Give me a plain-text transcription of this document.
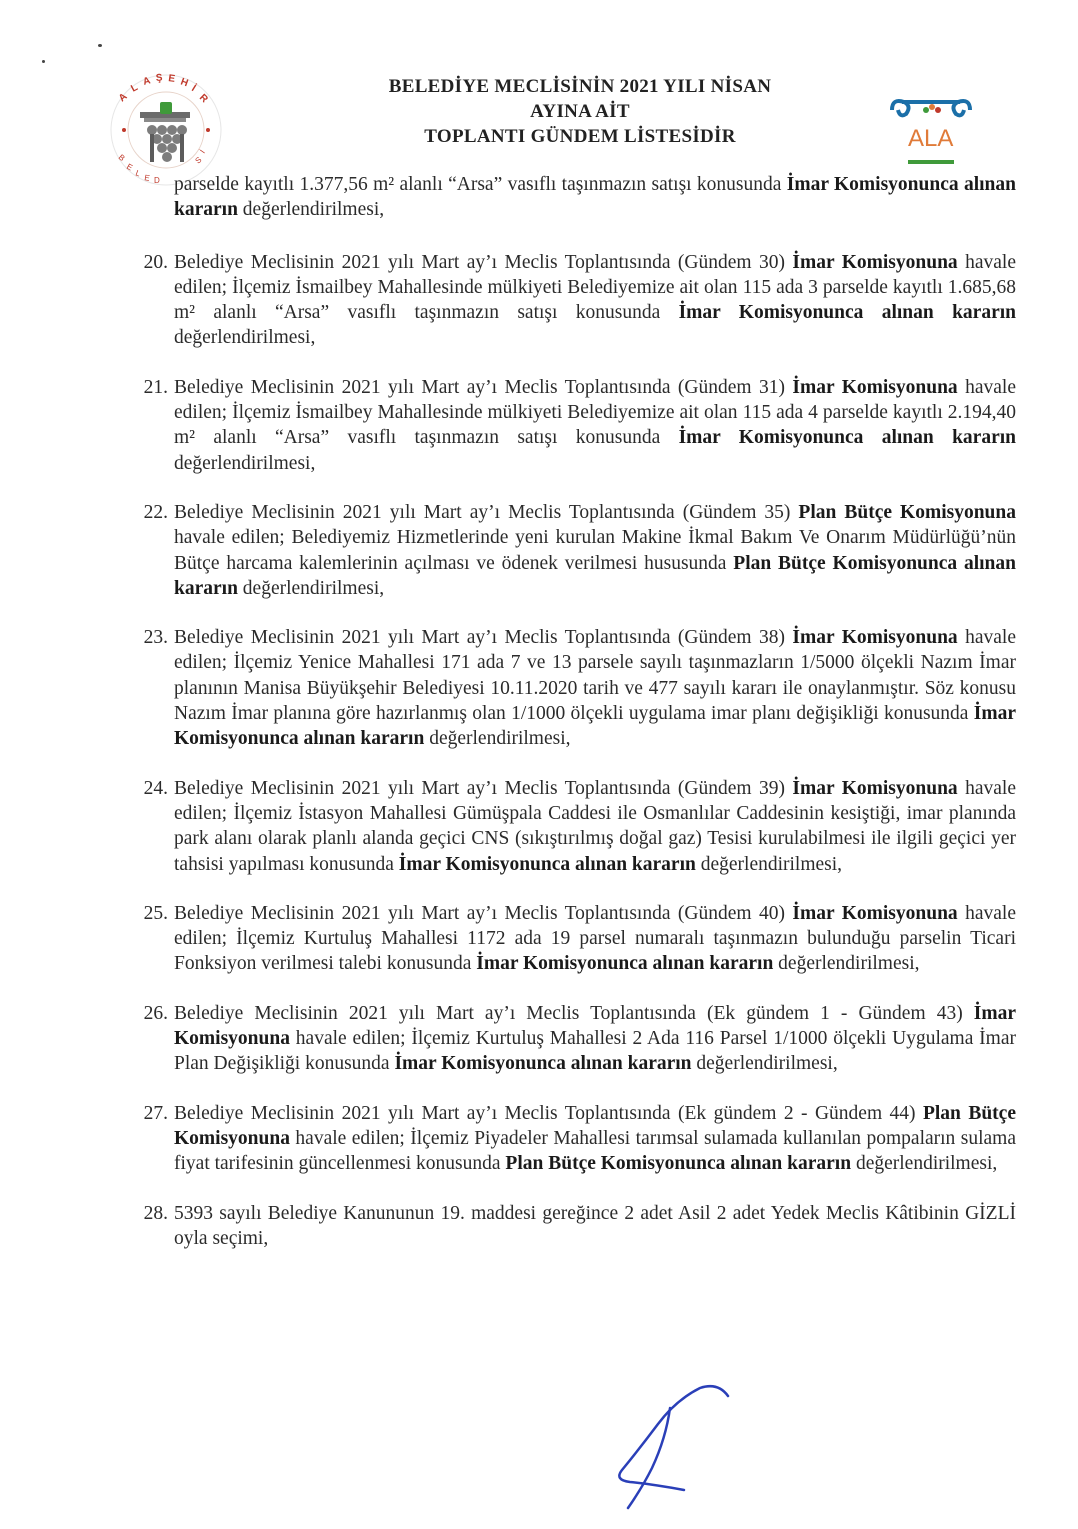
A
L
A Ş E H İ
R
B
E
L E D
S
İ	ALA
BELEDİYE MECLİSİNİN 2021 YILI NİSAN
AYINA AİT
TOPLANTI GÜNDEM LİSTESİDİR

parselde kayıtlı 1.377,56 m² alanlı “Arsa” vasıflı taşınmazın satışı konusunda İmar Komisyonunca alınan kararın değerlendirilmesi,

20. Belediye Meclisinin 2021 yılı Mart ay’ı Meclis Toplantısında (Gündem 30) İmar Komisyonuna havale edilen; İlçemiz İsmailbey Mahallesinde mülkiyeti Belediyemize ait olan 115 ada 3 parselde kayıtlı 1.685,68 m² alanlı “Arsa” vasıflı taşınmazın satışı konusunda İmar Komisyonunca alınan kararın değerlendirilmesi,

21. Belediye Meclisinin 2021 yılı Mart ay’ı Meclis Toplantısında (Gündem 31) İmar Komisyonuna havale edilen; İlçemiz İsmailbey Mahallesinde mülkiyeti Belediyemize ait olan 115 ada 4 parselde kayıtlı 2.194,40 m² alanlı “Arsa” vasıflı taşınmazın satışı konusunda İmar Komisyonunca alınan kararın değerlendirilmesi,

22. Belediye Meclisinin 2021 yılı Mart ay’ı Meclis Toplantısında (Gündem 35) Plan Bütçe Komisyonuna havale edilen; Belediyemiz Hizmetlerinde yeni kurulan Makine İkmal Bakım Ve Onarım Müdürlüğü’nün Bütçe harcama kalemlerinin açılması ve ödenek verilmesi hususunda Plan Bütçe Komisyonunca alınan kararın değerlendirilmesi,

23. Belediye Meclisinin 2021 yılı Mart ay’ı Meclis Toplantısında (Gündem 38) İmar Komisyonuna havale edilen; İlçemiz Yenice Mahallesi 171 ada 7 ve 13 parsele sayılı taşınmazların 1/5000 ölçekli Nazım İmar planının Manisa Büyükşehir Belediyesi 10.11.2020 tarih ve 477 sayılı kararı ile onaylanmıştır. Söz konusu Nazım İmar planına göre hazırlanmış olan 1/1000 ölçekli uygulama imar planı değişikliği konusunda İmar Komisyonunca alınan kararın değerlendirilmesi,

24. Belediye Meclisinin 2021 yılı Mart ay’ı Meclis Toplantısında (Gündem 39) İmar Komisyonuna havale edilen; İlçemiz İstasyon Mahallesi Gümüşpala Caddesi ile Osmanlılar Caddesinin kesiştiği, imar planında park alanı olarak planlı alanda geçici CNS (sıkıştırılmış doğal gaz) Tesisi kurulabilmesi ile ilgili geçici yer tahsisi yapılması konusunda İmar Komisyonunca alınan kararın değerlendirilmesi,

25. Belediye Meclisinin 2021 yılı Mart ay’ı Meclis Toplantısında (Gündem 40) İmar Komisyonuna havale edilen; İlçemiz Kurtuluş Mahallesi 1172 ada 19 parsel numaralı taşınmazın bulunduğu parselin Ticari Fonksiyon verilmesi talebi konusunda İmar Komisyonunca alınan kararın değerlendirilmesi,

26. Belediye Meclisinin 2021 yılı Mart ay’ı Meclis Toplantısında (Ek gündem 1 - Gündem 43) İmar Komisyonuna havale edilen; İlçemiz Kurtuluş Mahallesi 2 Ada 116 Parsel 1/1000 ölçekli Uygulama İmar Plan Değişikliği konusunda İmar Komisyonunca alınan kararın değerlendirilmesi,

27. Belediye Meclisinin 2021 yılı Mart ay’ı Meclis Toplantısında (Ek gündem 2 - Gündem 44) Plan Bütçe Komisyonuna havale edilen; İlçemiz Piyadeler Mahallesi tarımsal sulamada kullanılan pompaların sulama fiyat tarifesinin güncellenmesi konusunda Plan Bütçe Komisyonunca alınan kararın değerlendirilmesi,

28. 5393 sayılı Belediye Kanununun 19. maddesi gereğince 2 adet Asil 2 adet Yedek Meclis Kâtibinin GİZLİ oyla seçimi,
